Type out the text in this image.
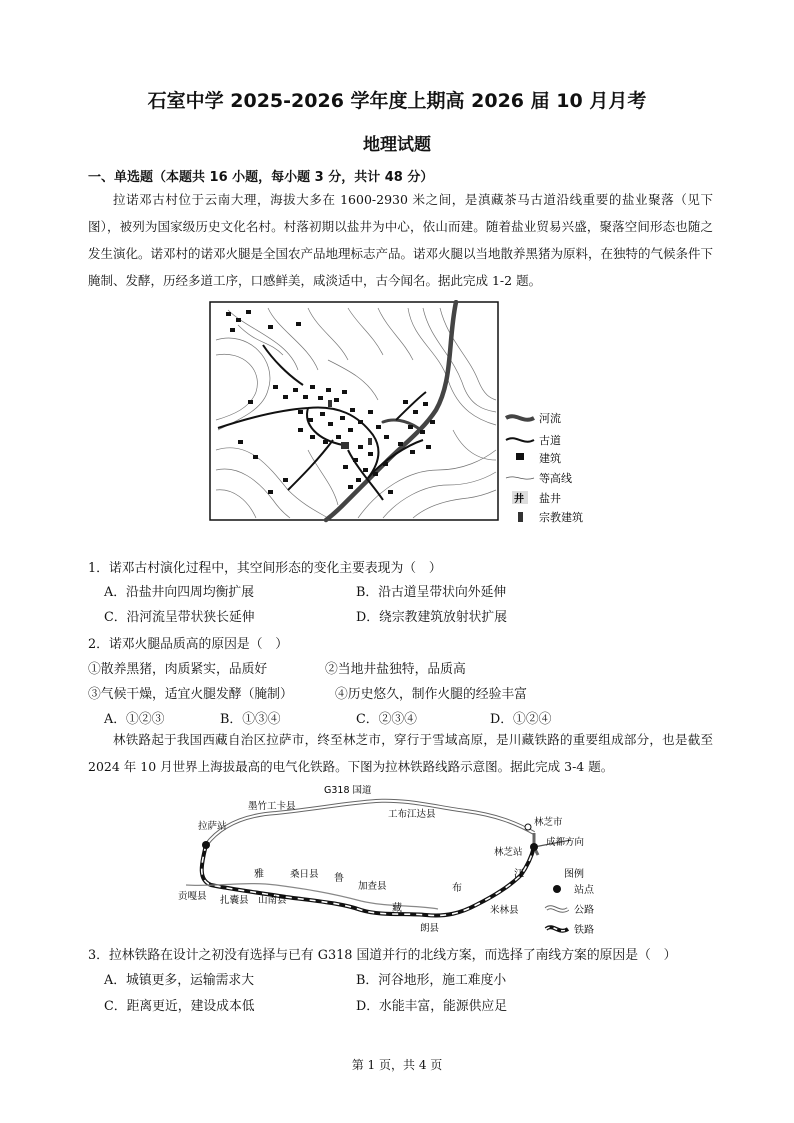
石室中学 2025-2026 学年度上期高 2026 届 10 月月考
地理试题
一、单选题（本题共 16 小题，每小题 3 分，共计 48 分）
拉诺邓古村位于云南大理，海拔大多在 1600-2930 米之间，是滇藏茶马古道沿线重要的盐业聚落（见下图），被列为国家级历史文化名村。村落初期以盐井为中心，依山而建。随着盐业贸易兴盛，聚落空间形态也随之发生演化。诺邓村的诺邓火腿是全国农产品地理标志产品。诺邓火腿以当地散养黑猪为原料，在独特的气候条件下腌制、发酵，历经多道工序，口感鲜美，咸淡适中，古今闻名。据此完成 1-2 题。
河流
古道
建筑
等高线
井 盐井
宗教建筑
1．诺邓古村演化过程中，其空间形态的变化主要表现为（　）
A．沿盐井向四周均衡扩展	B．沿古道呈带状向外延伸
C．沿河流呈带状狭长延伸	D．绕宗教建筑放射状扩展
2．诺邓火腿品质高的原因是（　）
①散养黑猪，肉质紧实，品质好	②当地井盐独特，品质高
③气候干燥，适宜火腿发酵（腌制）	④历史悠久，制作火腿的经验丰富
A．①②③	B．①③④	C．②③④	D．①②④
林铁路起于我国西藏自治区拉萨市，终至林芝市，穿行于雪域高原，是川藏铁路的重要组成部分，也是截至 2024 年 10 月世界上海拔最高的电气化铁路。下图为拉林铁路线路示意图。据此完成 3-4 题。
拉萨站
墨竹工卡县
G318 国道
工布江达县
林芝市
成都方向
林芝站
贡嘎县 扎囊县 山南县
桑日县
加查县
朗县
米林县
雅	鲁
藏
布
江	图例
站点
公路
铁路
3．拉林铁路在设计之初没有选择与已有 G318 国道并行的北线方案，而选择了南线方案的原因是（　）
A．城镇更多，运输需求大	B．河谷地形，施工难度小
C．距离更近，建设成本低	D．水能丰富，能源供应足
第 1 页，共 4 页
